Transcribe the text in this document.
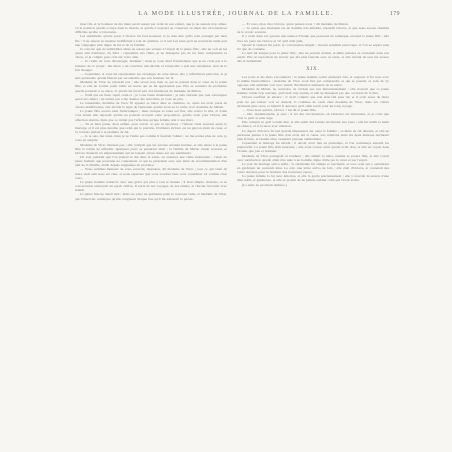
LA MODE ILLUSTRÉE, JOURNAL DE LA FAMILLE.	179

mon fils, et le bonheur de ma mère serait assuré par celui de son enfant, que je ne saurais trop aimer, vu la position qu'elle occupe dans le monde, et qu'elle a toujours su conserver en dépit des circonstances difficiles qu'elle a traversées.

Les sentiments qu'elle porte à Octave lui font honneur, et je dois dire qu'ils sont partagés par mon fils ; il ne saurait se montrer indifférent à tant de qualités, et il sait fort bien qu'il ne trouverait nulle part une compagne plus digne de lui et de sa famille.

Je conçois que de semblables idées ne soient pas venues à l'esprit de la jeune fille ; elle ne voit en lui qu'un ami d'enfance, un frère ; cependant, ma chère, je ne désespère pas de lui faire comprendre la chose, et je compte pour cela sur votre aide.

— Je crains de vous décourager, madame ; mais je vous dirai franchement que je ne crois pas à la réussite de ce projet ; ma nièce a un caractère très-décidé, et lorsqu'elle a pris une résolution, rien ne la fait changer.

— Cependant, si vous lui représentiez les avantages de cette union, elle y réfléchirait peut-être, et je suis persuadée qu'elle finirait par reconnaître que son bonheur est là.

Madame de Virac ne répondit pas ; elle savait trop bien ce qui se passait dans le cœur de la jeune fille, et elle ne voulait point trahir un secret qui ne lui appartenait pas. Elle se contenta de promettre qu'elle parlerait à sa nièce, et qu'elle lui ferait part des intentions de madame de Méran.

— Voilà qui est bien, reprit celle-ci ; je vous laisse maintenant ; je suis certaine que tout s'arrangera selon nos désirs ; ne tardez pas à me donner des nouvelles, je vous en prie.

Le lendemain, madame de Virac fit appeler sa nièce dans sa chambre, et, après lui avoir parlé de choses indifférentes, elle aborda le sujet de l'entretien qu'elle avait eu la veille avec madame de Méran.

La jeune fille écouta sans l'interrompre ; mais lorsque sa tante eut fini, elle releva la tête, et d'une voix ferme elle répondit qu'elle ne pouvait accepter cette proposition, qu'elle avait pour Octave une affection sincère, mais que ce n'était pas l'affection qu'une femme doit à son mari.

— Tu es bien jeune, mon enfant, pour savoir ce que tu éprouves ; l'amour vient souvent après le mariage, et il est plus durable que celui qui le précède. D'ailleurs Octave est un garçon plein de cœur, et tu n'aurais jamais à te plaindre de lui.

— Je le sais, ma tante, mais je ne l'aime pas comme il faudrait l'aimer ; ne me parlez plus de cela, je vous en supplie.

Madame de Virac n'insista pas ; elle comprit que les paroles seraient inutiles, et elle laissa à la jeune fille le temps de réfléchir. Quelques jours se passèrent ainsi ; la famille de Méran venait souvent, et Octave montrait un empressement qui ne laissait aucun doute sur ses sentiments.

Un soir, pendant que l'on prenait le thé dans le salon, on annonça une visite inattendue ; c'était un jeune homme que personne ne connaissait, et qui se présentait avec une lettre de recommandation d'un ami de la famille, établi depuis longtemps en province.

— Nous sommes heureux de vous recevoir, monsieur, dit madame de Virac ; tout ce qui vient de notre vieil ami nous est cher, et nous espérons que vous voudrez bien vous considérer ici comme chez vous.

Le jeune homme remercia avec une grâce qui plut à tout le monde ; il était simple, modeste, et sa conversation annonçait un esprit cultivé. Il parla de ses voyages, de ses études, et chacun l'écoutait avec intérêt.

La jeune fille ne disait rien ; mais ses yeux ne quittaient point le nouveau venu, et madame de Virac, qui l'observait, remarqua qu'elle rougissait chaque fois qu'il lui adressait la parole.

— Et vous, mon cher Octave, qu'en pensez-vous ? dit madame de Méran.

— Je pense que monsieur est un homme très-aimable, répondit Octave, et que nous serons charmés de le revoir souvent.

Il y avait dans ces paroles une nuance d'ironie que personne ne remarqua, excepté la jeune fille ; elle leva les yeux sur Octave et vit qu'il était pâle.

Quand le visiteur fut parti, la conversation languit ; chacun semblait préoccupé, et l'on se sépara plus tôt que de coutume.

La nuit fut longue pour la jeune fille ; elle ne pouvait dormir, et mille pensées se croisaient dans son esprit. Elle se reprochait de n'avoir pas été plus franche avec sa tante, et elle résolut de tout lui avouer dès le lendemain.

XIX.

Les jours et les mois s'écoulèrent ; le jeune homme revint plusieurs fois, et toujours il fut reçu avec la même bienveillance ; madame de Virac avait fini par comprendre ce qui se passait, et, loin de s'y opposer, elle semblait voir avec plaisir l'inclination naissante de sa nièce.

Madame de Méran, au contraire, ne cachait pas son mécontentement ; elle trouvait que ce jeune homme venait trop souvent, qu'il était trop assidu, et elle ne manquait pas une occasion de le dire.

Octave souffrait en silence ; il avait compris que tout était fini pour lui, et il avait assez de fierté pour ne pas laisser voir sa douleur. Il continua de venir chez madame de Virac, mais ses visites devinrent plus rares, et bientôt il annonça qu'il allait partir pour un long voyage.

— Vous nous quittez, Octave ? lui dit la jeune fille.

— Oui, mademoiselle, je pars ; il est des circonstances où l'absence est nécessaire, et je crois que c'est le parti le plus sage.

Elle comprit ce qu'il voulait dire, et elle sentit des larmes lui monter aux yeux ; elle lui tendit la main en silence, et il la serra avec émotion.

Le départ d'Octave fit une grande impression sur toute la famille ; sa mère en fut désolée, et elle ne pardonna jamais à la jeune fille d'en avoir été la cause. Les relations entre les deux maisons devinrent plus froides, et bientôt elles cessèrent presque entièrement.

Cependant le mariage fut décidé ; il devait avoir lieu au printemps, et l'on commença aussitôt les préparatifs. La jeune fille était heureuse ; elle avait trouvé celui qu'elle avait rêvé, et elle ne voyait dans l'avenir que joie et bonheur.

Madame de Virac partageait ce bonheur ; elle aimait sa nièce comme sa propre fille, et elle voyait avec satisfaction qu'elle allait être unie à un homme digne d'elle par le cœur et par l'esprit.

Le jour du mariage arriva enfin ; la cérémonie fut simple et touchante, et tous ceux qui y assistèrent en gardèrent un souvenir ému. Le soir, une lettre arriva de loin ; elle était d'Octave, et contenait des vœux sincères pour le bonheur des nouveaux époux.

La jeune femme la lut avec émotion, et elle la garda précieusement ; elle y trouvait la preuve d'une âme noble et généreuse, et elle se promit de ne jamais oublier celui qui l'avait écrite.

(La suite au prochain numéro.)
